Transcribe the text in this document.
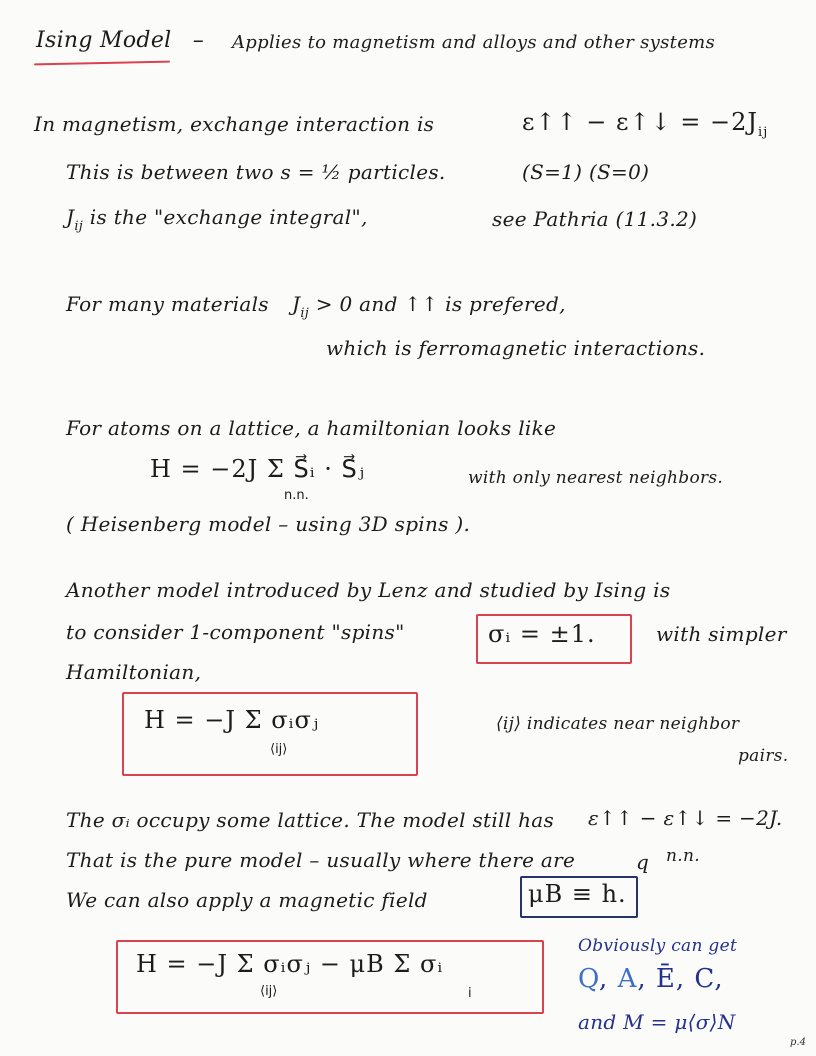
Ising Model – Applies to magnetism and alloys and other systems
In magnetism, exchange interaction is	ε↑↑ − ε↑↓ = $-2J_{ij}$
This is between two s = ½ particles.	(S=1) (S=0)
$J_{ij}$ is the "exchange integral",	see Pathria (11.3.2)
For many materials $J_{ij} > 0$ and ↑↑ is prefered,
which is ferromagnetic interactions.
For atoms on a lattice, a hamiltonian looks like
H = −2J Σ S⃗ᵢ · S⃗ⱼ
n.n.
with only nearest neighbors.
( Heisenberg model – using 3D spins ).
Another model introduced by Lenz and studied by Ising is
to consider 1-component "spins"	σᵢ = ±1.	with simpler
Hamiltonian,
H = −J Σ σᵢσⱼ
⟨ij⟩
⟨ij⟩ indicates near neighbor
pairs.
The σᵢ occupy some lattice. The model still has ε↑↑ − ε↑↓ = −2J.
That is the pure model – usually where there are	q n.n.
We can also apply a magnetic field	μB ≡ h.
H = −J Σ σᵢσⱼ − μB Σ σᵢ
⟨ij⟩	i
Obviously can get
Q, A, Ē, C,
and M = μ⟨σ⟩N
p.4
